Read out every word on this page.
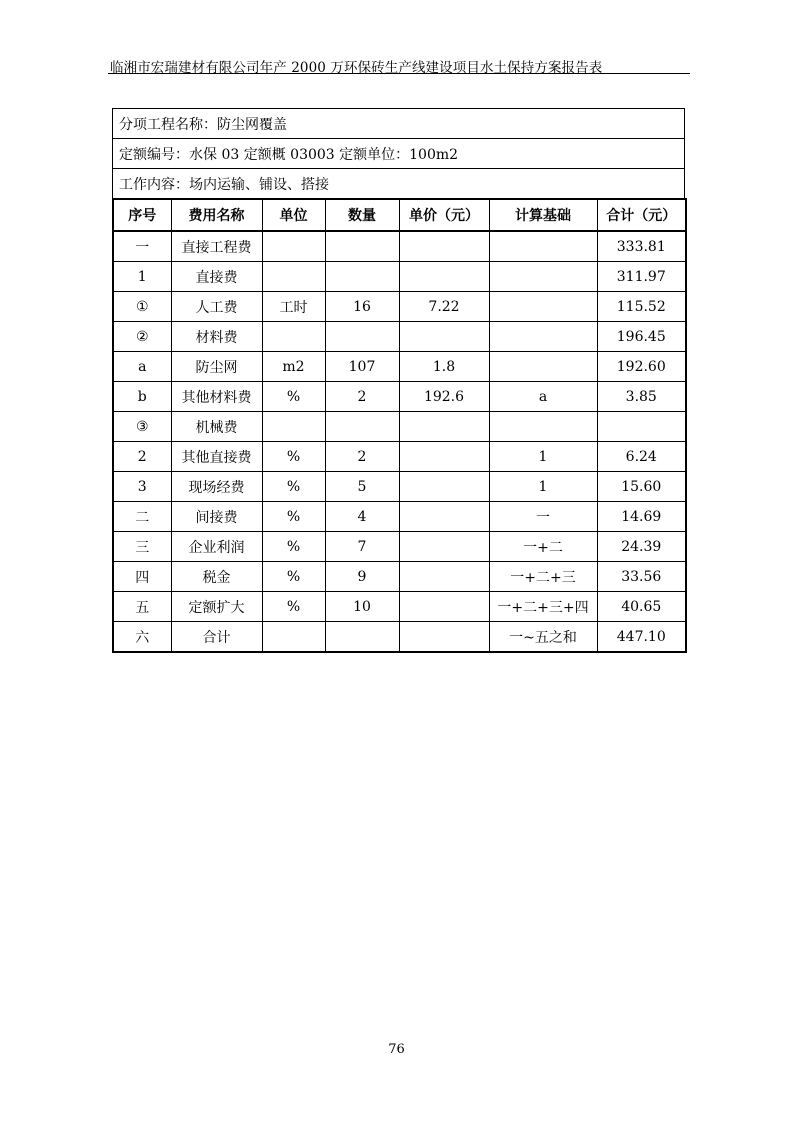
临湘市宏瑞建材有限公司年产 2000 万环保砖生产线建设项目水土保持方案报告表
分项工程名称：防尘网覆盖
定额编号：水保 03 定额概 03003 定额单位：100m2
工作内容：场内运输、铺设、搭接
序号	费用名称	单位	数量	单价（元）	计算基础	合计（元）
一	直接工程费					333.81
1	直接费					311.97
①	人工费	工时	16	7.22		115.52
②	材料费					196.45
a	防尘网	m2	107	1.8		192.60
b	其他材料费	%	2	192.6	a	3.85
③	机械费					
2	其他直接费	%	2		1	6.24
3	现场经费	%	5		1	15.60
二	间接费	%	4		一	14.69
三	企业利润	%	7		一+二	24.39
四	税金	%	9		一+二+三	33.56
五	定额扩大	%	10		一+二+三+四	40.65
六	合计				一~五之和	447.10
76
